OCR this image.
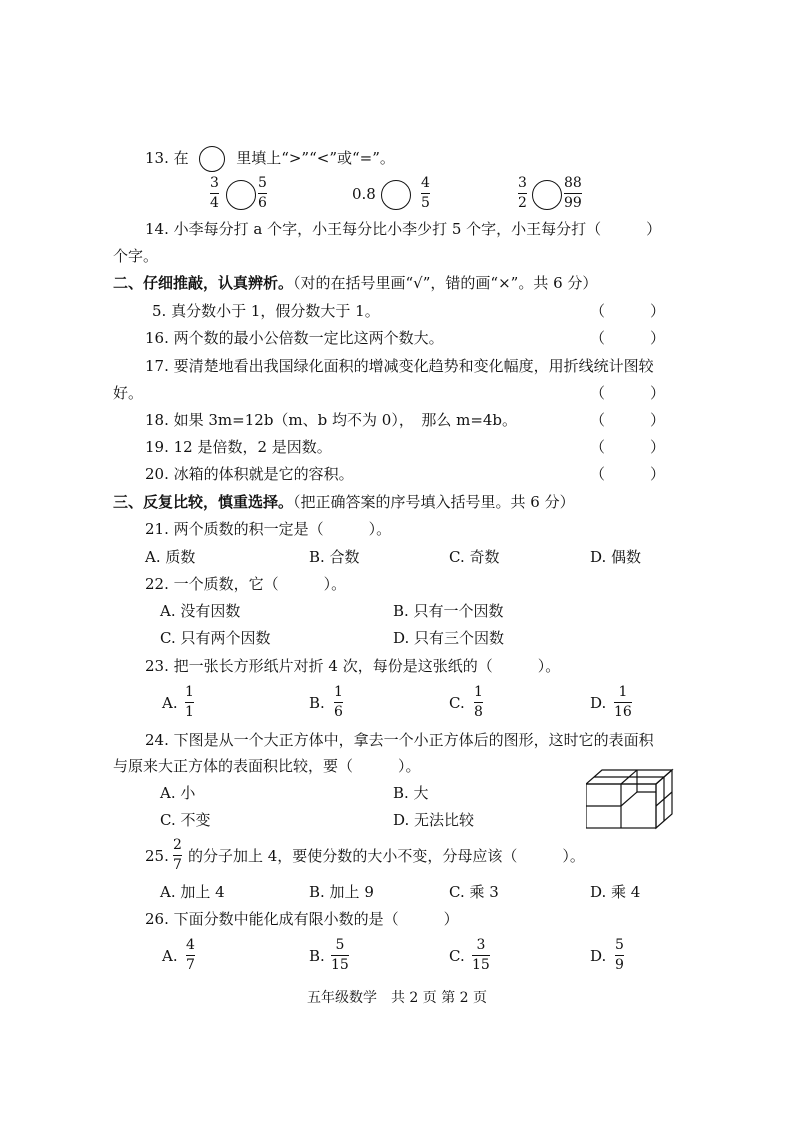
13. 在	里填上“>”“<”或“=”。
3
4
5
6	0.8
4
5
3
2
88
99
14. 小李每分打 a 个字，小王每分比小李少打 5 个字，小王每分打（　　　）
个字。
二、仔细推敲，认真辨析。（对的在括号里画“√”，错的画“×”。共 6 分）
5. 真分数小于 1，假分数大于 1。	（　　　）
16. 两个数的最小公倍数一定比这两个数大。	（　　　）
17. 要清楚地看出我国绿化面积的增减变化趋势和变化幅度，用折线统计图较
好。	（　　　）
18. 如果 3m=12b（m、b 均不为 0），　那么 m=4b。	（　　　）
19. 12 是倍数，2 是因数。	（　　　）
20. 冰箱的体积就是它的容积。	（　　　）
三、反复比较，慎重选择。（把正确答案的序号填入括号里。共 6 分）
21. 两个质数的积一定是（　　　）。
A. 质数	B. 合数	C. 奇数	D. 偶数
22. 一个质数，它（　　　）。
A. 没有因数	B. 只有一个因数
C. 只有两个因数	D. 只有三个因数
23. 把一张长方形纸片对折 4 次，每份是这张纸的（　　　）。
A.
1
1	B.
1
6	C.
1
8	D.
1
16
24. 下图是从一个大正方体中，拿去一个小正方体后的图形，这时它的表面积
与原来大正方体的表面积比较，要（　　　）。
A. 小	B. 大
C. 不变	D. 无法比较
25.
2
7 的分子加上 4，要使分数的大小不变，分母应该（　　　）。
A. 加上 4	B. 加上 9	C. 乘 3	D. 乘 4
26. 下面分数中能化成有限小数的是（　　　）
A.
4
7	B.
5
15	C.
3
15	D.
5
9
五年级数学　共 2 页 第 2 页
